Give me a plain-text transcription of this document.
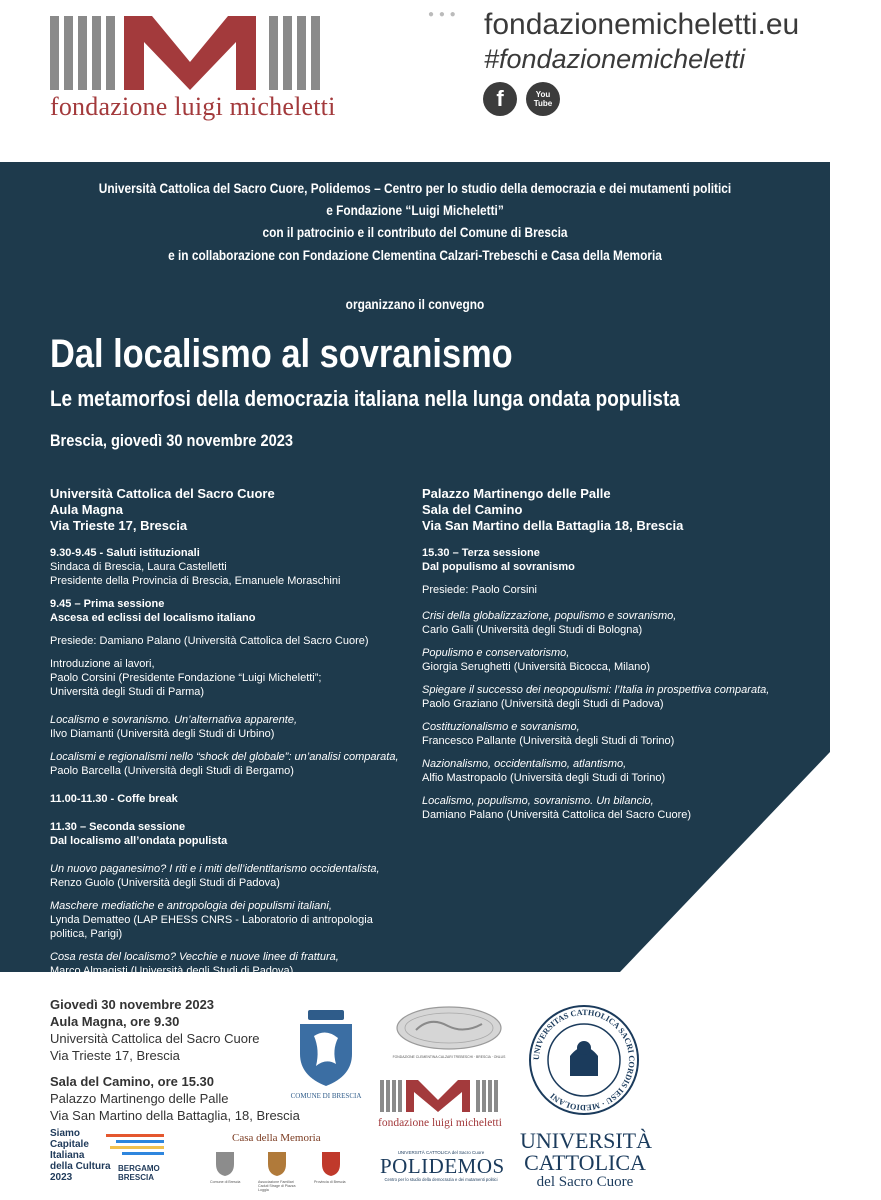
fondazione luigi micheletti
● ● ● fondazionemicheletti.eu
#fondazionemicheletti
f	You Tube
Università Cattolica del Sacro Cuore, Polidemos – Centro per lo studio della democrazia e dei mutamenti politici
e Fondazione “Luigi Micheletti”
con il patrocinio e il contributo del Comune di Brescia
e in collaborazione con Fondazione Clementina Calzari-Trebeschi e Casa della Memoria
organizzano il convegno
Dal localismo al sovranismo
Le metamorfosi della democrazia italiana nella lunga ondata populista
Brescia, giovedì 30 novembre 2023
Università Cattolica del Sacro Cuore
Aula Magna
Via Trieste 17, Brescia
9.30-9.45 - Saluti istituzionali
Sindaca di Brescia, Laura Castelletti
Presidente della Provincia di Brescia, Emanuele Moraschini
9.45 – Prima sessione
Ascesa ed eclissi del localismo italiano
Presiede: Damiano Palano (Università Cattolica del Sacro Cuore)
Introduzione ai lavori,
Paolo Corsini (Presidente Fondazione “Luigi Micheletti”;
Università degli Studi di Parma)
Localismo e sovranismo. Un’alternativa apparente,
Ilvo Diamanti (Università degli Studi di Urbino)
Localismi e regionalismi nello “shock del globale”: un’analisi comparata,
Paolo Barcella (Università degli Studi di Bergamo)
11.00-11.30 - Coffe break
11.30 – Seconda sessione
Dal localismo all’ondata populista
Un nuovo paganesimo? I riti e i miti dell’identitarismo occidentalista,
Renzo Guolo (Università degli Studi di Padova)
Maschere mediatiche e antropologia dei populismi italiani,
Lynda Dematteo (LAP EHESS CNRS - Laboratorio di antropologia
politica, Parigi)
Cosa resta del localismo? Vecchie e nuove linee di frattura,
Marco Almagisti (Università degli Studi di Padova)
Palazzo Martinengo delle Palle
Sala del Camino
Via San Martino della Battaglia 18, Brescia
15.30 – Terza sessione
Dal populismo al sovranismo
Presiede: Paolo Corsini
Crisi della globalizzazione, populismo e sovranismo,
Carlo Galli (Università degli Studi di Bologna)
Populismo e conservatorismo,
Giorgia Serughetti (Università Bicocca, Milano)
Spiegare il successo dei neopopulismi: l’Italia in prospettiva comparata,
Paolo Graziano (Università degli Studi di Padova)
Costituzionalismo e sovranismo,
Francesco Pallante (Università degli Studi di Torino)
Nazionalismo, occidentalismo, atlantismo,
Alfio Mastropaolo (Università degli Studi di Torino)
Localismo, populismo, sovranismo. Un bilancio,
Damiano Palano (Università Cattolica del Sacro Cuore)
Giovedì 30 novembre 2023
Aula Magna, ore 9.30
Università Cattolica del Sacro Cuore
Via Trieste 17, Brescia
Sala del Camino, ore 15.30
Palazzo Martinengo delle Palle
Via San Martino della Battaglia, 18, Brescia
COMUNE DI BRESCIA
FONDAZIONE CLEMENTINA CALZARI TREBESCHI · BRESCIA · ONLUS
fondazione luigi micheletti
UNIVERSITAS CATHOLICA SACRI CORDIS IESU · MEDIOLANI
UNIVERSITÀ
CATTOLICA
del Sacro Cuore
Siamo
Capitale
Italiana
della Cultura
2023
BERGAMO
BRESCIA
Casa della Memoria
Comune di Brescia	Associazione Familiari Caduti Strage di Piazza Loggia
Provincia di Brescia
UNIVERSITÀ CATTOLICA del Sacro Cuore
POLIDEMOS
Centro per lo studio della democrazia e dei mutamenti politici
